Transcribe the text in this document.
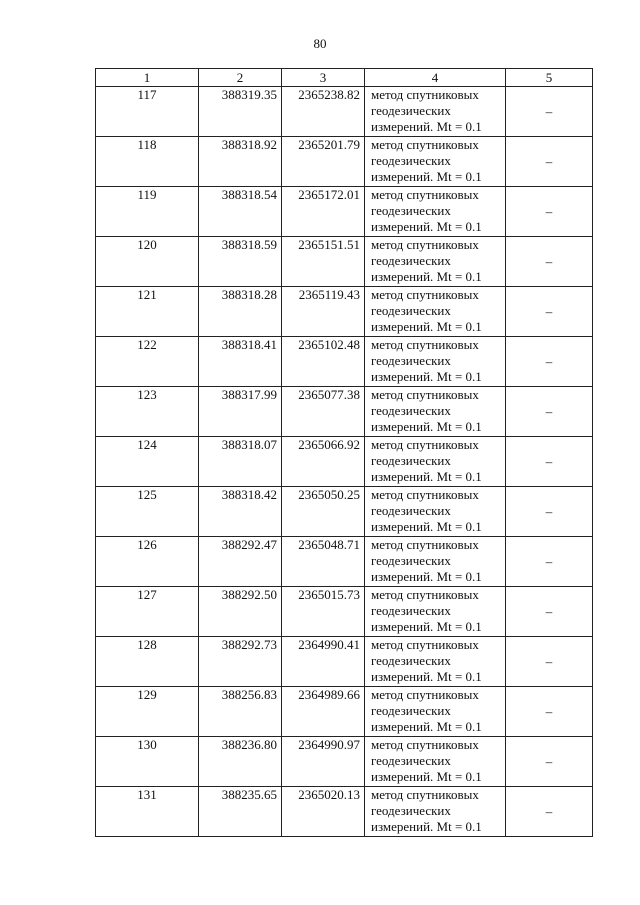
80
1	2	3	4	5
117	388319.35	2365238.82	метод спутниковых
геодезических
измерений. Mt = 0.1	–
118	388318.92	2365201.79	метод спутниковых
геодезических
измерений. Mt = 0.1	–
119	388318.54	2365172.01	метод спутниковых
геодезических
измерений. Mt = 0.1	–
120	388318.59	2365151.51	метод спутниковых
геодезических
измерений. Mt = 0.1	–
121	388318.28	2365119.43	метод спутниковых
геодезических
измерений. Mt = 0.1	–
122	388318.41	2365102.48	метод спутниковых
геодезических
измерений. Mt = 0.1	–
123	388317.99	2365077.38	метод спутниковых
геодезических
измерений. Mt = 0.1	–
124	388318.07	2365066.92	метод спутниковых
геодезических
измерений. Mt = 0.1	–
125	388318.42	2365050.25	метод спутниковых
геодезических
измерений. Mt = 0.1	–
126	388292.47	2365048.71	метод спутниковых
геодезических
измерений. Mt = 0.1	–
127	388292.50	2365015.73	метод спутниковых
геодезических
измерений. Mt = 0.1	–
128	388292.73	2364990.41	метод спутниковых
геодезических
измерений. Mt = 0.1	–
129	388256.83	2364989.66	метод спутниковых
геодезических
измерений. Mt = 0.1	–
130	388236.80	2364990.97	метод спутниковых
геодезических
измерений. Mt = 0.1	–
131	388235.65	2365020.13	метод спутниковых
геодезических
измерений. Mt = 0.1	–
